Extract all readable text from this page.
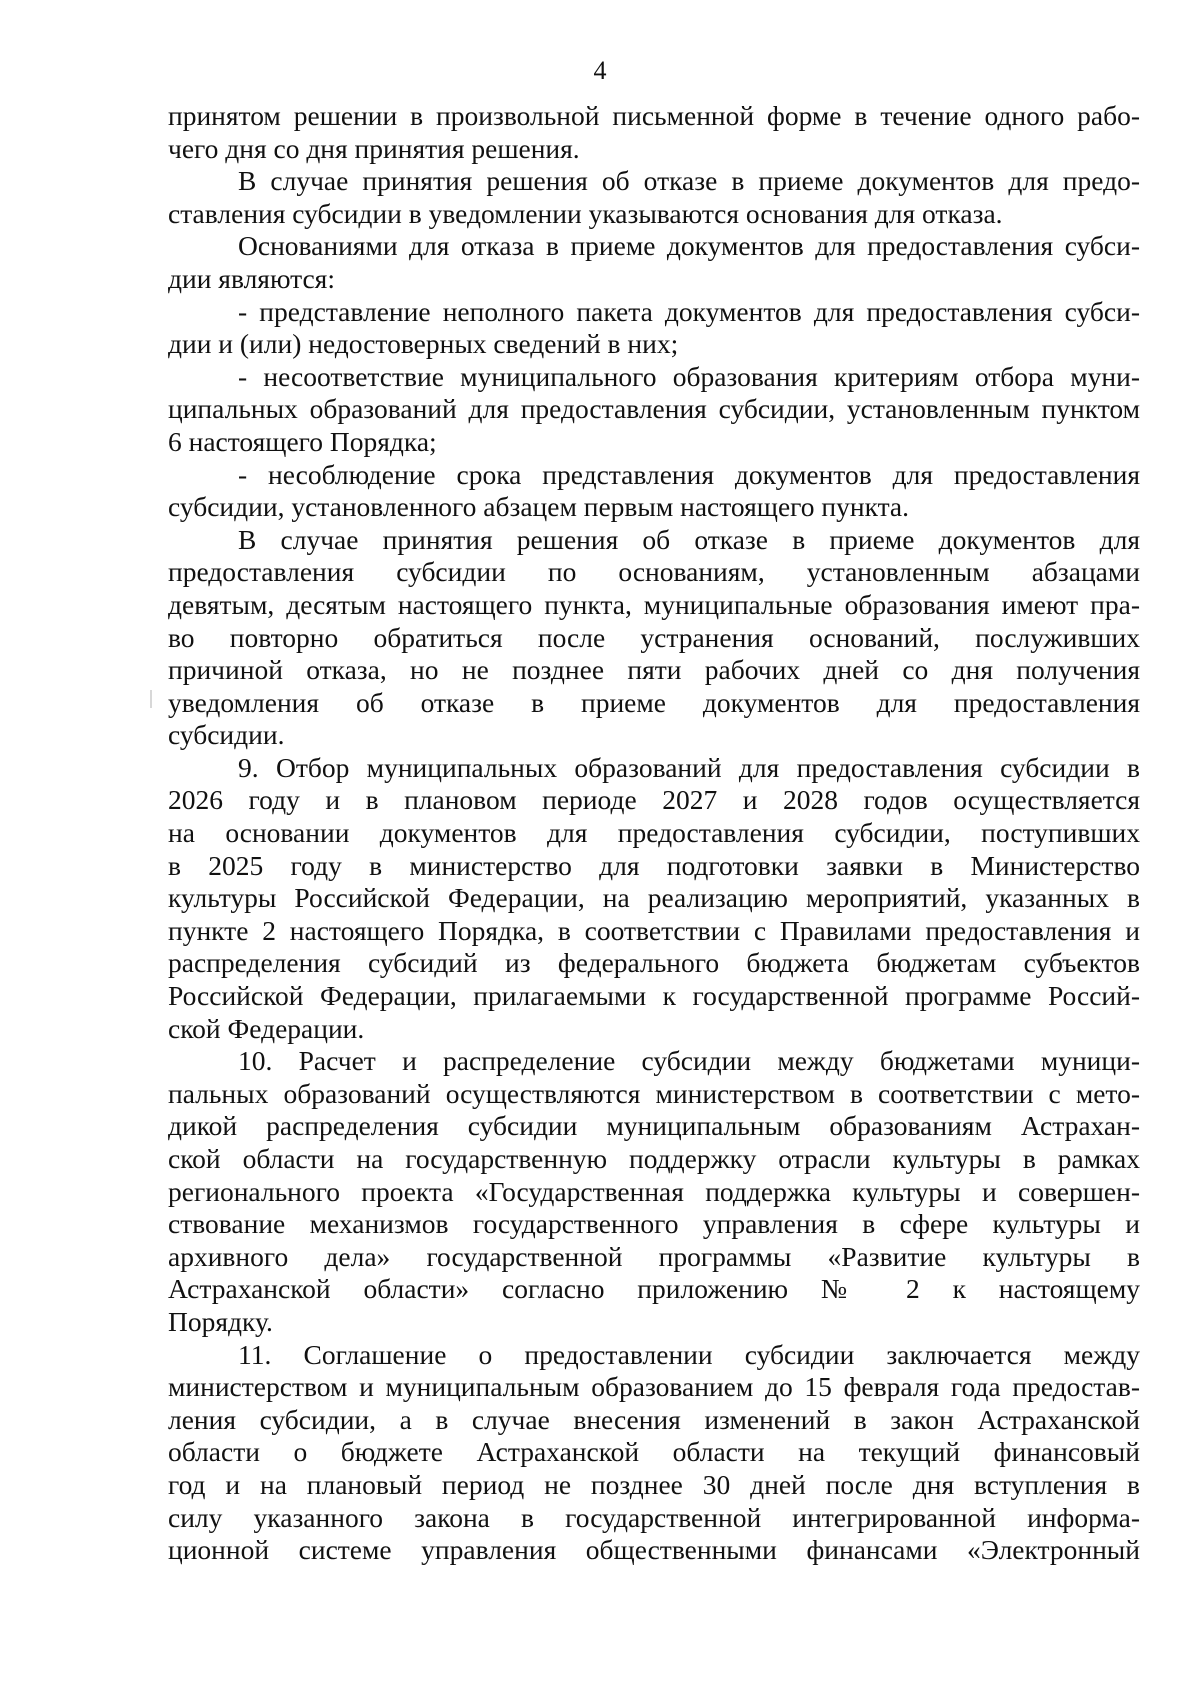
4
принятом решении в произвольной письменной форме в течение одного рабо-
чего дня со дня принятия решения.
В случае принятия решения об отказе в приеме документов для предо-
ставления субсидии в уведомлении указываются основания для отказа.
Основаниями для отказа в приеме документов для предоставления субси-
дии являются:
- представление неполного пакета документов для предоставления субси-
дии и (или) недостоверных сведений в них;
- несоответствие муниципального образования критериям отбора муни-
ципальных образований для предоставления субсидии, установленным пунктом
6 настоящего Порядка;
- несоблюдение срока представления документов для предоставления
субсидии, установленного абзацем первым настоящего пункта.
В случае принятия решения об отказе в приеме документов для
предоставления субсидии по основаниям, установленным абзацами
девятым, десятым настоящего пункта, муниципальные образования имеют пра-
во повторно обратиться после устранения оснований, послуживших
причиной отказа, но не позднее пяти рабочих дней со дня получения
уведомления об отказе в приеме документов для предоставления
субсидии.
9. Отбор муниципальных образований для предоставления субсидии в
2026 году и в плановом периоде 2027 и 2028 годов осуществляется
на основании документов для предоставления субсидии, поступивших
в 2025 году в министерство для подготовки заявки в Министерство
культуры Российской Федерации, на реализацию мероприятий, указанных в
пункте 2 настоящего Порядка, в соответствии с Правилами предоставления и
распределения субсидий из федерального бюджета бюджетам субъектов
Российской Федерации, прилагаемыми к государственной программе Россий-
ской Федерации.
10. Расчет и распределение субсидии между бюджетами муници-
пальных образований осуществляются министерством в соответствии с мето-
дикой распределения субсидии муниципальным образованиям Астрахан-
ской области на государственную поддержку отрасли культуры в рамках
регионального проекта «Государственная поддержка культуры и совершен-
ствование механизмов государственного управления в сфере культуры и
архивного дела» государственной программы «Развитие культуры в
Астраханской области» согласно приложению № 2 к настоящему
Порядку.
11. Соглашение о предоставлении субсидии заключается между
министерством и муниципальным образованием до 15 февраля года предостав-
ления субсидии, а в случае внесения изменений в закон Астраханской
области о бюджете Астраханской области на текущий финансовый
год и на плановый период не позднее 30 дней после дня вступления в
силу указанного закона в государственной интегрированной информа-
ционной системе управления общественными финансами «Электронный
